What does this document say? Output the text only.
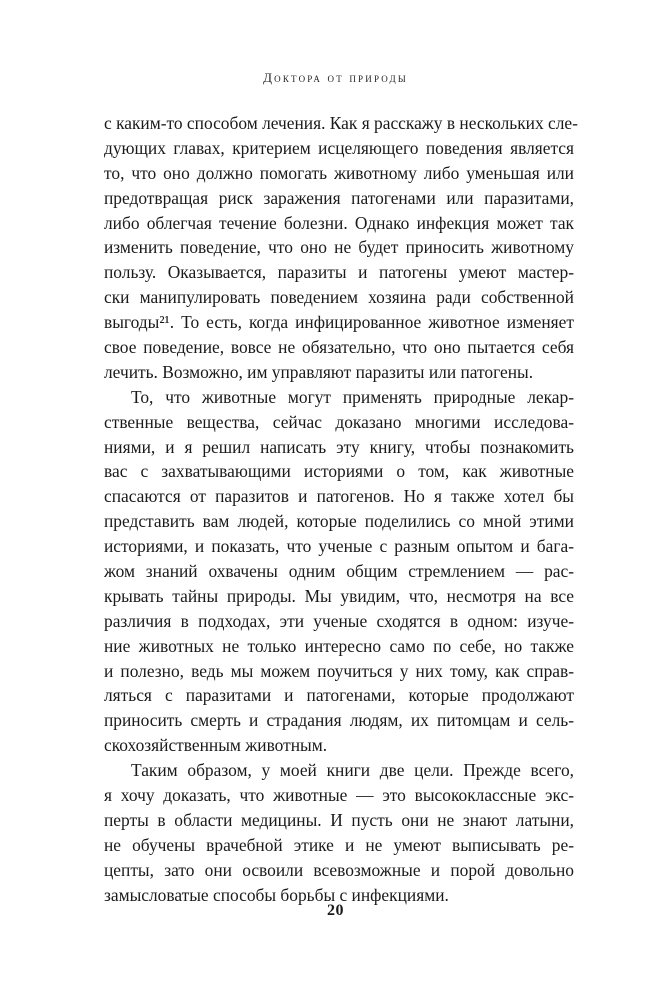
Доктора от природы
с каким-то способом лечения. Как я расскажу в нескольких сле-
дующих главах, критерием исцеляющего поведения является
то, что оно должно помогать животному либо уменьшая или
предотвращая риск заражения патогенами или паразитами,
либо облегчая течение болезни. Однако инфекция может так
изменить поведение, что оно не будет приносить животному
пользу. Оказывается, паразиты и патогены умеют мастер-
ски манипулировать поведением хозяина ради собственной
выгоды²¹. То есть, когда инфицированное животное изменяет
свое поведение, вовсе не обязательно, что оно пытается себя
лечить. Возможно, им управляют паразиты или патогены.
То, что животные могут применять природные лекар-
ственные вещества, сейчас доказано многими исследова-
ниями, и я решил написать эту книгу, чтобы познакомить
вас с захватывающими историями о том, как животные
спасаются от паразитов и патогенов. Но я также хотел бы
представить вам людей, которые поделились со мной этими
историями, и показать, что ученые с разным опытом и бага-
жом знаний охвачены одним общим стремлением — рас-
крывать тайны природы. Мы увидим, что, несмотря на все
различия в подходах, эти ученые сходятся в одном: изуче-
ние животных не только интересно само по себе, но также
и полезно, ведь мы можем поучиться у них тому, как справ-
ляться с паразитами и патогенами, которые продолжают
приносить смерть и страдания людям, их питомцам и сель-
скохозяйственным животным.
Таким образом, у моей книги две цели. Прежде всего,
я хочу доказать, что животные — это высококлассные экс-
перты в области медицины. И пусть они не знают латыни,
не обучены врачебной этике и не умеют выписывать ре-
цепты, зато они освоили всевозможные и порой довольно
замысловатые способы борьбы с инфекциями.
20
